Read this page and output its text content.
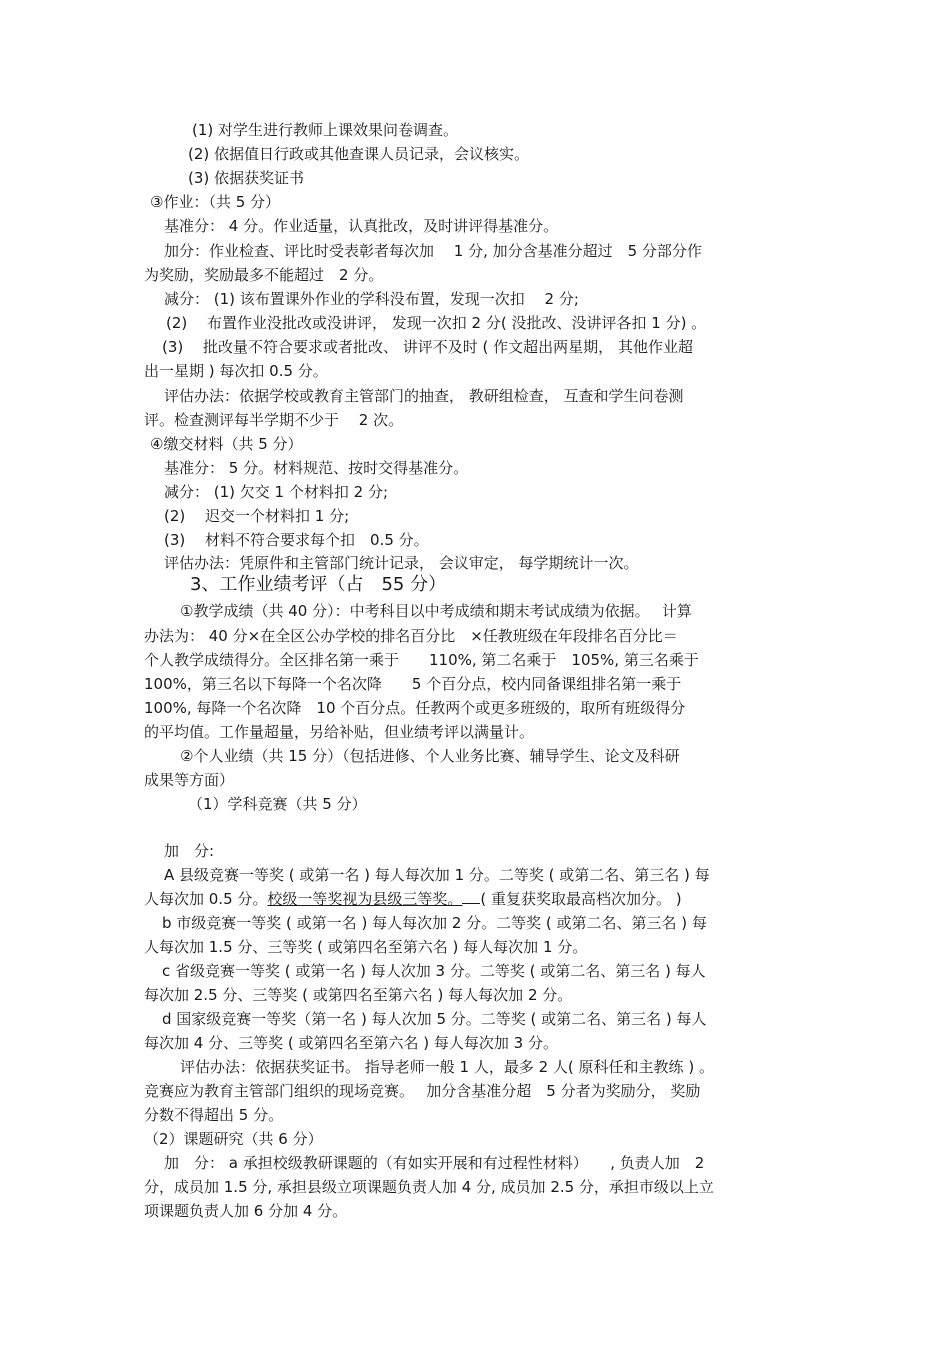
(1) 对学生进行教师上课效果问卷调查。
(2) 依据值日行政或其他查课人员记录，会议核实。
(3) 依据获奖证书
③作业：（共 5 分）
基准分： 4 分。作业适量，认真批改，及时讲评得基准分。
加分：作业检查、评比时受表彰者每次加　 1 分, 加分含基准分超过　5 分部分作
为奖励，奖励最多不能超过　2 分。
减分： (1) 该布置课外作业的学科没布置，发现一次扣　 2 分;
(2)　 布置作业没批改或没讲评， 发现一次扣 2 分( 没批改、没讲评各扣 1 分) 。
(3)　 批改量不符合要求或者批改、 讲评不及时 ( 作文超出两星期， 其他作业超
出一星期 ) 每次扣 0.5 分。
评估办法：依据学校或教育主管部门的抽查， 教研组检查， 互查和学生问卷测
评。检查测评每半学期不少于　 2 次。
④缴交材料（共 5 分）
基准分： 5 分。材料规范、按时交得基准分。
减分： (1) 欠交 1 个材料扣 2 分;
(2)　 迟交一个材料扣 1 分;
(3)　 材料不符合要求每个扣　0.5 分。
评估办法：凭原件和主管部门统计记录， 会议审定， 每学期统计一次。
3、工作业绩考评（占　55 分）
①教学成绩（共 40 分）：中考科目以中考成绩和期末考试成绩为依据。　 计算
办法为： 40 分×在全区公办学校的排名百分比　×任教班级在年段排名百分比＝
个人教学成绩得分。全区排名第一乘于　　110%, 第二名乘于　105%, 第三名乘于
100%，第三名以下每降一个名次降　　5 个百分点，校内同备课组排名第一乘于
100%, 每降一个名次降　10 个百分点。任教两个或更多班级的，取所有班级得分
的平均值。工作量超量，另给补贴，但业绩考评以满量计。
②个人业绩（共 15 分）（包括进修、个人业务比赛、辅导学生、论文及科研
成果等方面）
（1）学科竞赛（共 5 分）
加　分:
A 县级竞赛一等奖 ( 或第一名 ) 每人每次加 1 分。二等奖 ( 或第二名、第三名 ) 每
人每次加 0.5 分。校级一等奖视为县级三等奖。 ( 重复获奖取最高档次加分。 )
b 市级竞赛一等奖 ( 或第一名 ) 每人每次加 2 分。二等奖 ( 或第二名、第三名 ) 每
人每次加 1.5 分、三等奖 ( 或第四名至第六名 ) 每人每次加 1 分。
c 省级竞赛一等奖 ( 或第一名 ) 每人次加 3 分。二等奖 ( 或第二名、第三名 ) 每人
每次加 2.5 分、三等奖 ( 或第四名至第六名 ) 每人每次加 2 分。
d 国家级竞赛一等奖（第一名 ) 每人次加 5 分。二等奖 ( 或第二名、第三名 ) 每人
每次加 4 分、三等奖 ( 或第四名至第六名 ) 每人每次加 3 分。
评估办法：依据获奖证书。 指导老师一般 1 人，最多 2 人( 原科任和主教练 ) 。
竞赛应为教育主管部门组织的现场竞赛。　 加分含基准分超　5 分者为奖励分， 奖励
分数不得超出 5 分。
（2）课题研究（共 6 分）
加　分： a 承担校级教研课题的（有如实开展和有过程性材料）　　, 负责人加　2
分，成员加 1.5 分, 承担县级立项课题负责人加 4 分, 成员加 2.5 分，承担市级以上立
项课题负责人加 6 分加 4 分。
